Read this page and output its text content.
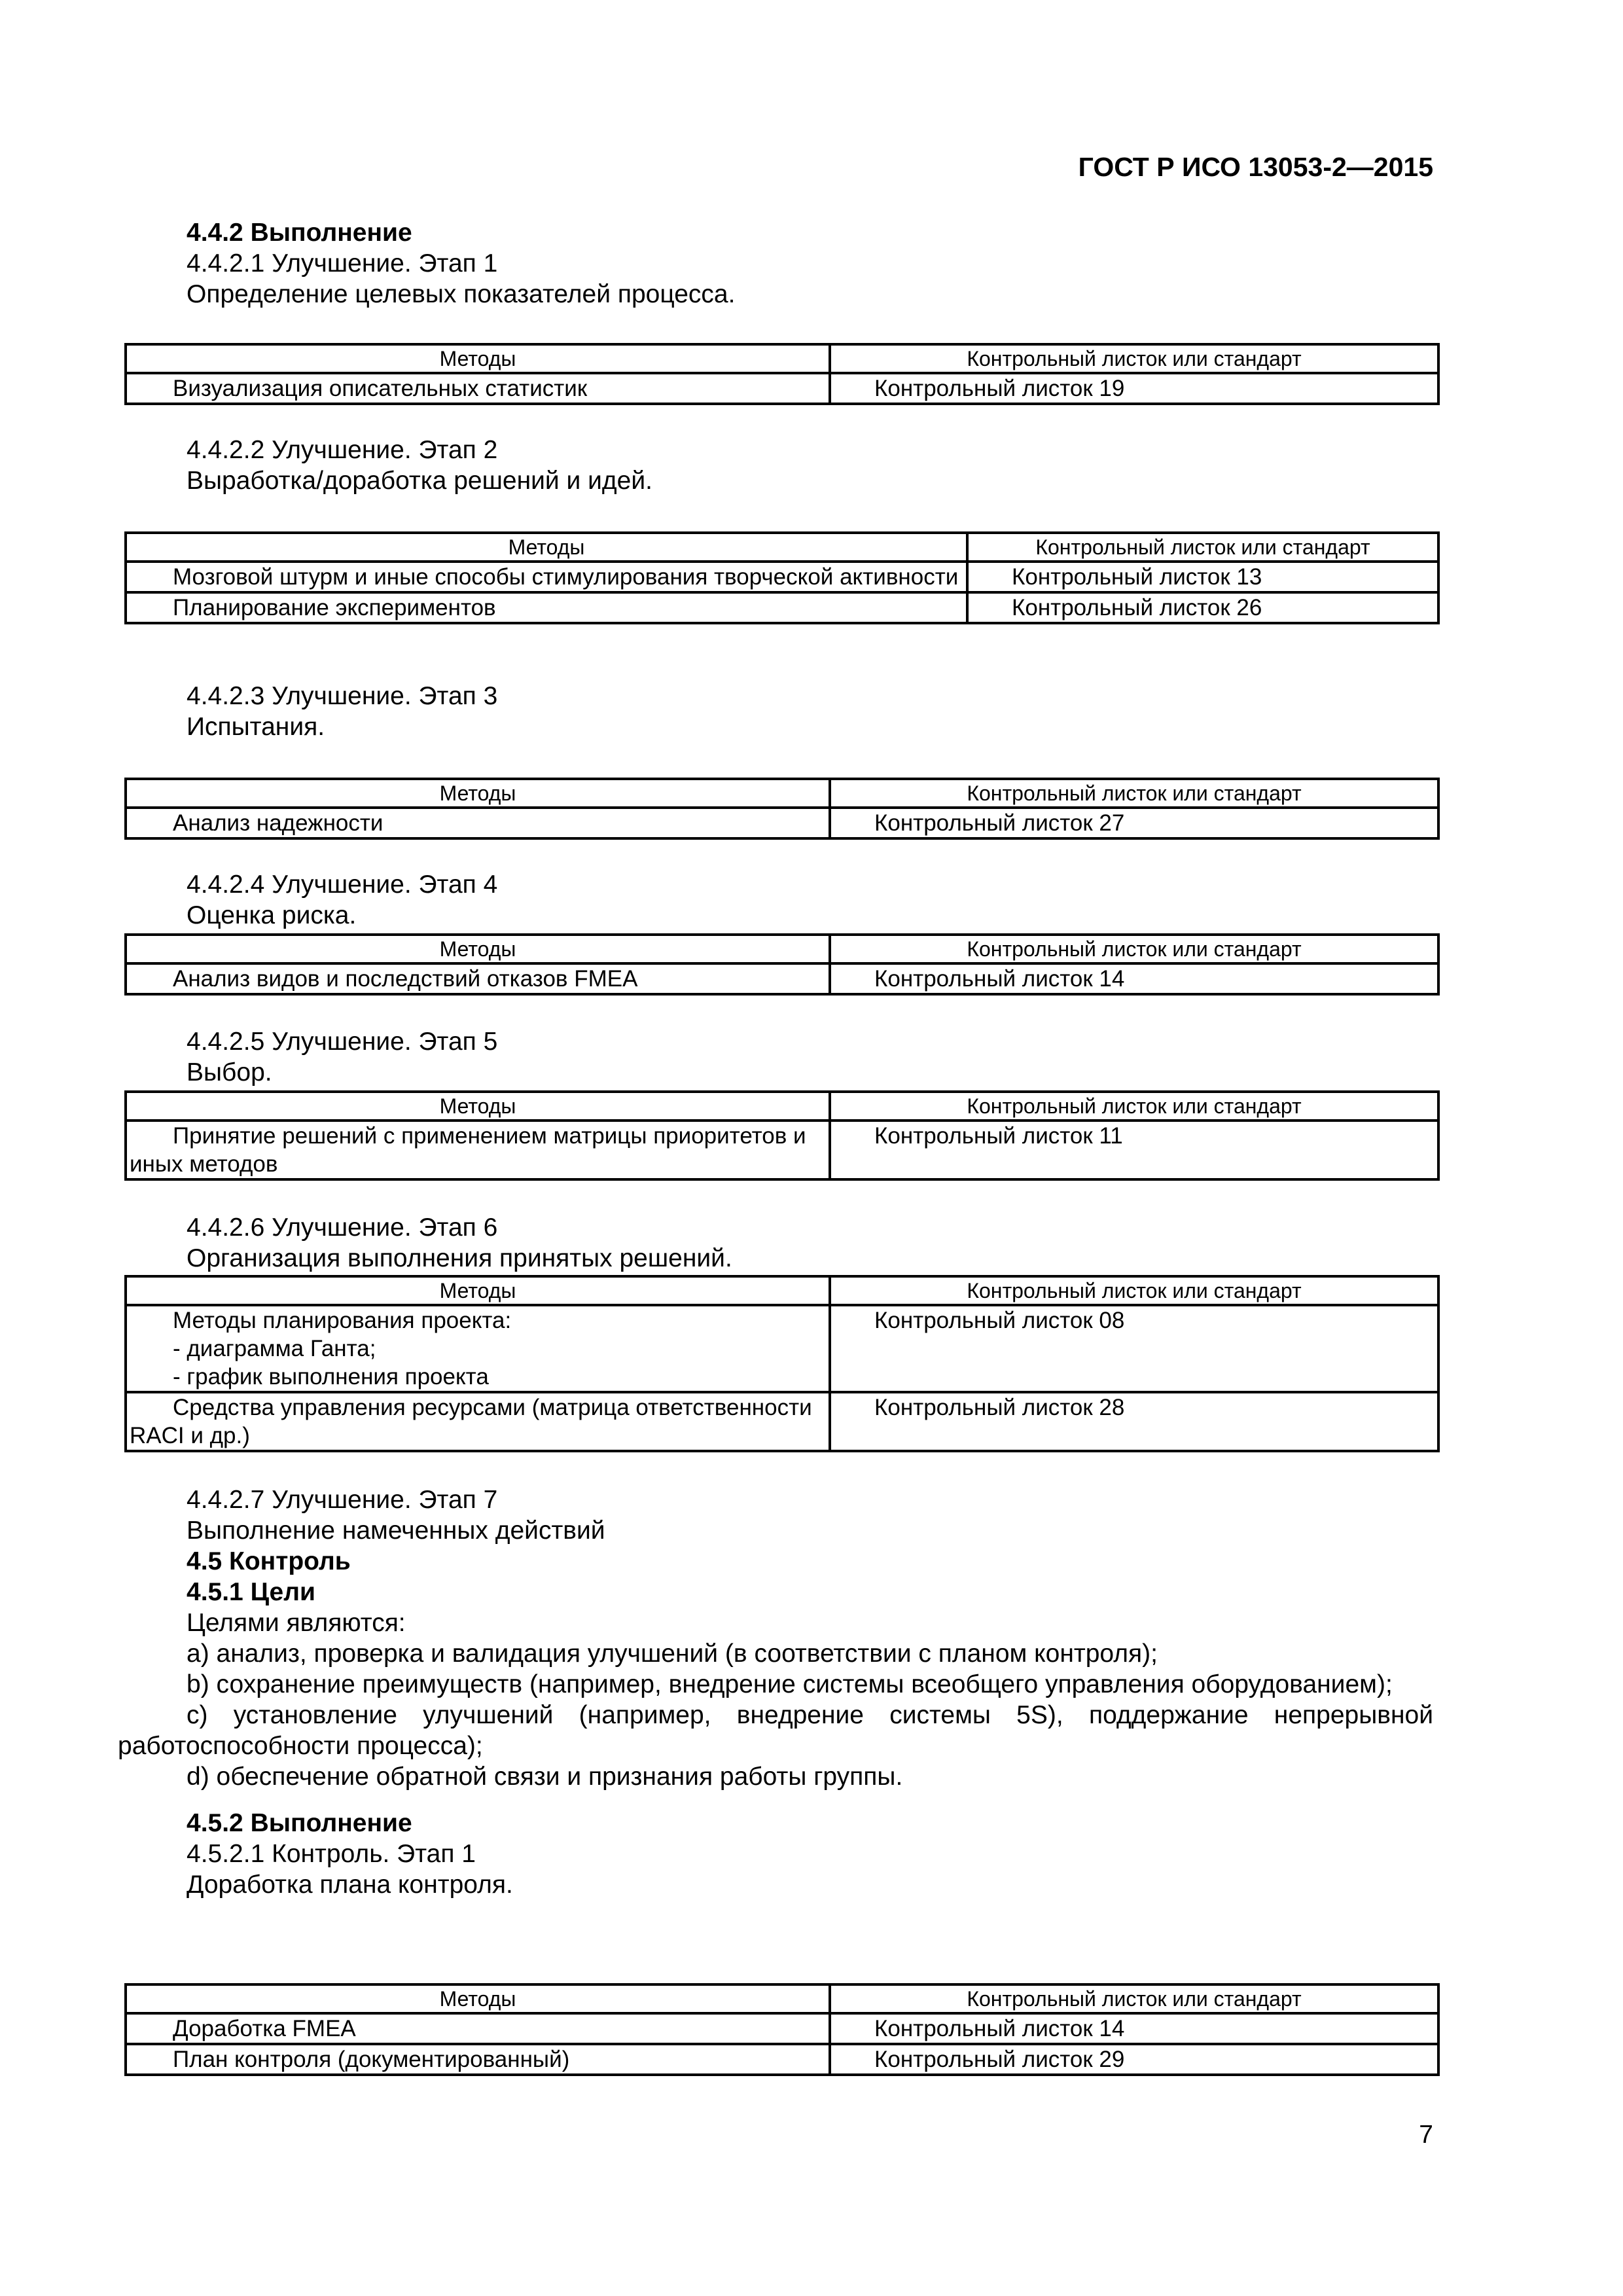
ГОСТ Р ИСО 13053-2—2015
4.4.2 Выполнение
4.4.2.1 Улучшение. Этап 1
Определение целевых показателей процесса.
Методы	Контрольный листок или стандарт
Визуализация описательных статистик	Контрольный листок 19
4.4.2.2 Улучшение. Этап 2
Выработка/доработка решений и идей.
Методы	Контрольный листок или стандарт
Мозговой штурм и иные способы стимулирования творческой активности	Контрольный листок 13
Планирование экспериментов	Контрольный листок 26
4.4.2.3 Улучшение. Этап 3
Испытания.
Методы	Контрольный листок или стандарт
Анализ надежности	Контрольный листок 27
4.4.2.4 Улучшение. Этап 4
Оценка риска.
Методы	Контрольный листок или стандарт
Анализ видов и последствий отказов FMEA	Контрольный листок 14
4.4.2.5 Улучшение. Этап 5
Выбор.
Методы	Контрольный листок или стандарт
Принятие решений с применением матрицы приоритетов и иных методов	Контрольный листок 11
4.4.2.6 Улучшение. Этап 6
Организация выполнения принятых решений.
Методы	Контрольный листок или стандарт
Методы планирования проекта:
- диаграмма Ганта;
- график выполнения проекта	Контрольный листок 08
Средства управления ресурсами (матрица ответственности RACI и др.)	Контрольный листок 28
4.4.2.7 Улучшение. Этап 7
Выполнение намеченных действий
4.5 Контроль
4.5.1 Цели
Целями являются:
a) анализ, проверка и валидация улучшений (в соответствии с планом контроля);
b) сохранение преимуществ (например, внедрение системы всеобщего управления оборудованием);
c) установление улучшений (например, внедрение системы 5S), поддержание непрерывной работоспособности процесса);
d) обеспечение обратной связи и признания работы группы.
4.5.2 Выполнение
4.5.2.1 Контроль. Этап 1
Доработка плана контроля.
Методы	Контрольный листок или стандарт
Доработка FMEA	Контрольный листок 14
План контроля (документированный)	Контрольный листок 29
7
